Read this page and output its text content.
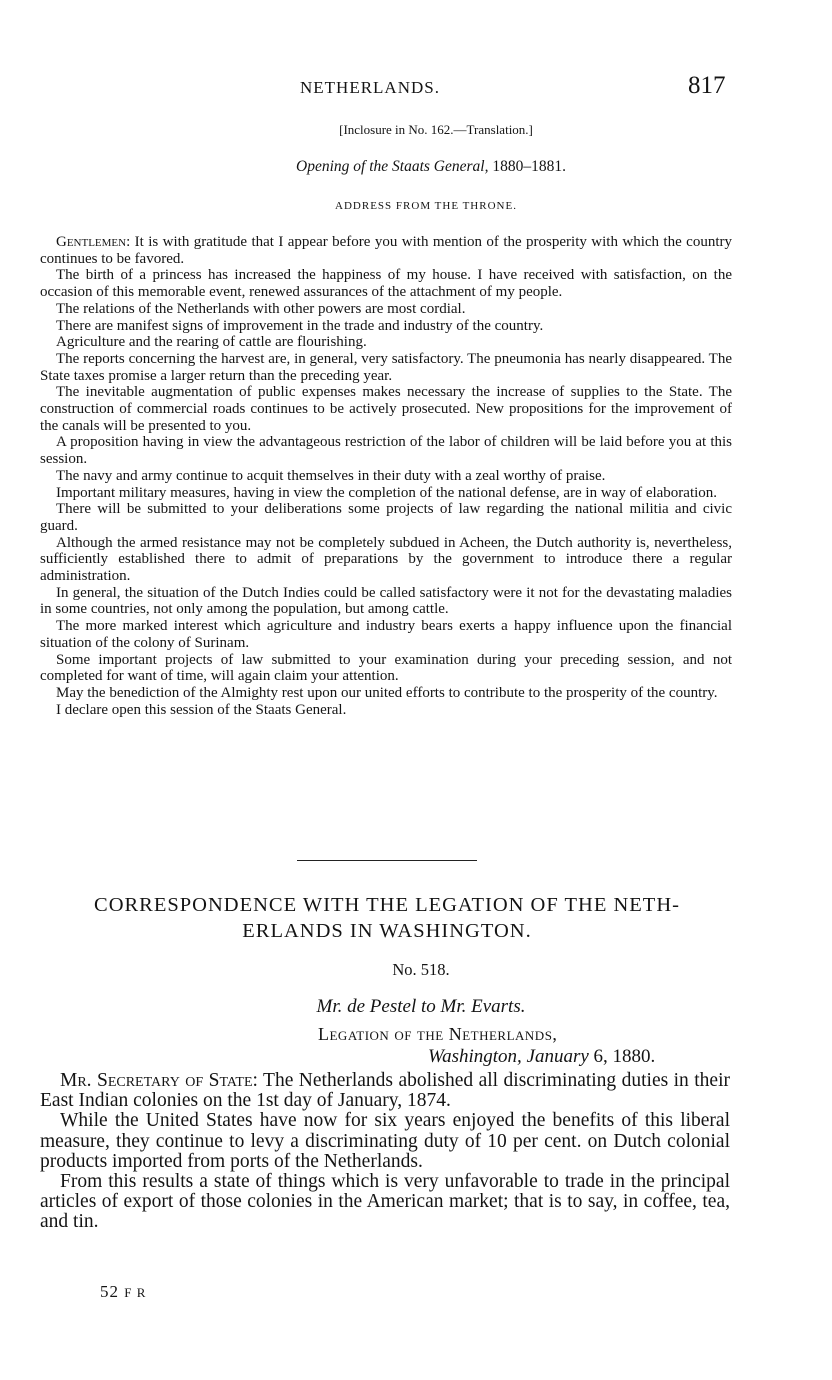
NETHERLANDS.	817
[Inclosure in No. 162.—Translation.]
Opening of the Staats General, 1880–1881.
ADDRESS FROM THE THRONE.

Gentlemen: It is with gratitude that I appear before you with mention of the prosperity with which the country continues to be favored.

The birth of a princess has increased the happiness of my house. I have received with satisfaction, on the occasion of this memorable event, renewed assurances of the attachment of my people.

The relations of the Netherlands with other powers are most cordial.

There are manifest signs of improvement in the trade and industry of the country.

Agriculture and the rearing of cattle are flourishing.

The reports concerning the harvest are, in general, very satisfactory. The pneumonia has nearly disappeared. The State taxes promise a larger return than the preceding year.

The inevitable augmentation of public expenses makes necessary the increase of supplies to the State. The construction of commercial roads continues to be actively prosecuted. New propositions for the improvement of the canals will be presented to you.

A proposition having in view the advantageous restriction of the labor of children will be laid before you at this session.

The navy and army continue to acquit themselves in their duty with a zeal worthy of praise.

Important military measures, having in view the completion of the national defense, are in way of elaboration.

There will be submitted to your deliberations some projects of law regarding the national militia and civic guard.

Although the armed resistance may not be completely subdued in Acheen, the Dutch authority is, nevertheless, sufficiently established there to admit of preparations by the government to introduce there a regular administration.

In general, the situation of the Dutch Indies could be called satisfactory were it not for the devastating maladies in some countries, not only among the population, but among cattle.

The more marked interest which agriculture and industry bears exerts a happy influence upon the financial situation of the colony of Surinam.

Some important projects of law submitted to your examination during your preceding session, and not completed for want of time, will again claim your attention.

May the benediction of the Almighty rest upon our united efforts to contribute to the prosperity of the country.

I declare open this session of the Staats General.

CORRESPONDENCE WITH THE LEGATION OF THE NETH-
ERLANDS IN WASHINGTON.
No. 518.
Mr. de Pestel to Mr. Evarts.
Legation of the Netherlands,
Washington, January 6, 1880.

Mr. Secretary of State: The Netherlands abolished all discriminating duties in their East Indian colonies on the 1st day of January, 1874.

While the United States have now for six years enjoyed the benefits of this liberal measure, they continue to levy a discriminating duty of 10 per cent. on Dutch colonial products imported from ports of the Netherlands.

From this results a state of things which is very unfavorable to trade in the principal articles of export of those colonies in the American market; that is to say, in coffee, tea, and tin.

52 F R
